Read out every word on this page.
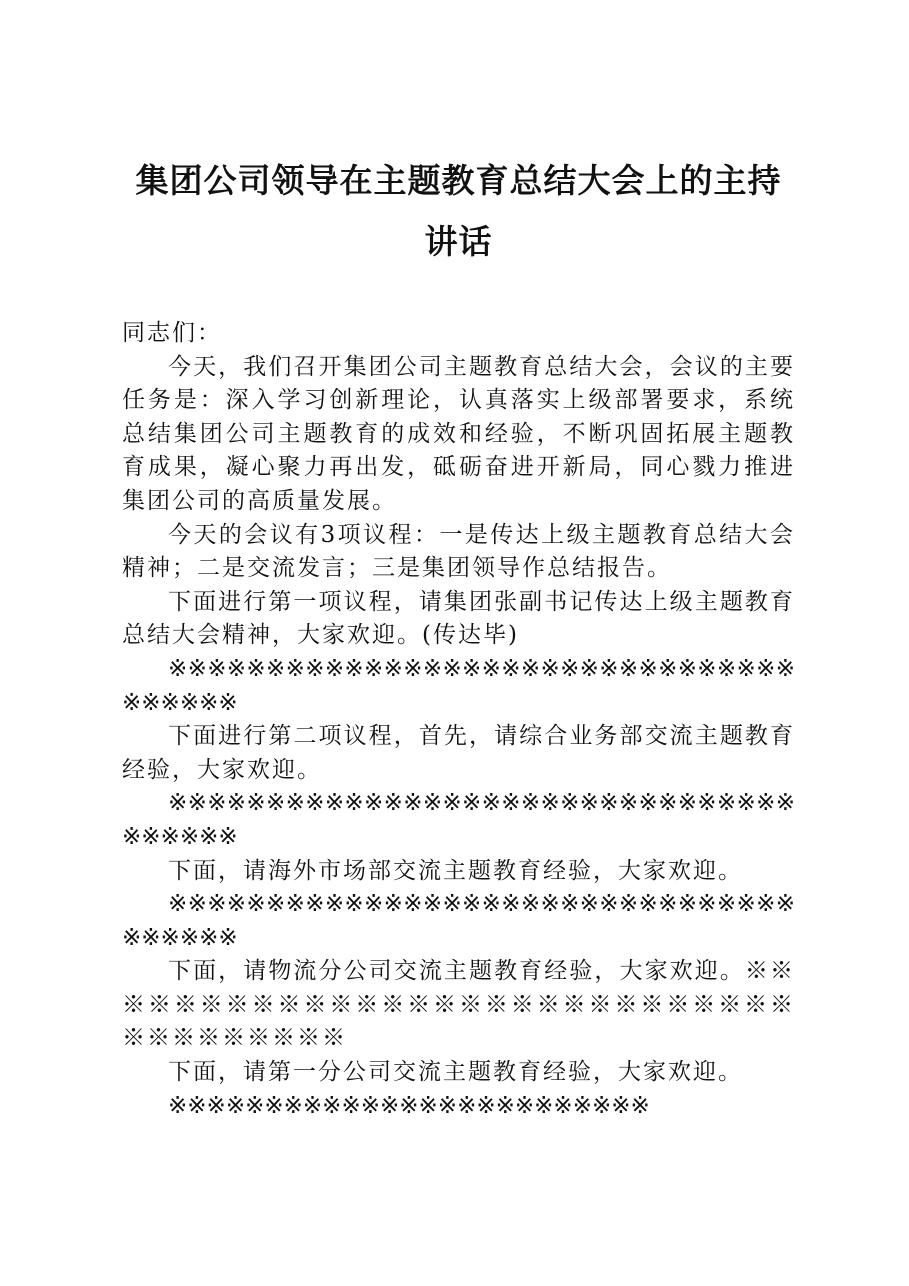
集团公司领导在主题教育总结大会上的主持讲话

同志们：

今天，我们召开集团公司主题教育总结大会，会议的主要任务是：深入学习创新理论，认真落实上级部署要求，系统总结集团公司主题教育的成效和经验，不断巩固拓展主题教育成果，凝心聚力再出发，砥砺奋进开新局，同心戮力推进集团公司的高质量发展。

今天的会议有3项议程：一是传达上级主题教育总结大会精神；二是交流发言；三是集团领导作总结报告。

下面进行第一项议程，请集团张副书记传达上级主题教育总结大会精神，大家欢迎。(传达毕)

※※※※※※※※※※※※※※※※※※※※※※※※※※※※※※※※※※※※※※

下面进行第二项议程，首先，请综合业务部交流主题教育经验，大家欢迎。

※※※※※※※※※※※※※※※※※※※※※※※※※※※※※※※※※※※※※※

下面，请海外市场部交流主题教育经验，大家欢迎。

※※※※※※※※※※※※※※※※※※※※※※※※※※※※※※※※※※※※※※

下面，请物流分公司交流主题教育经验，大家欢迎。※※※※※※※※※※※※※※※※※※※※※※※※※※※※※※※※※※※※※

下面，请第一分公司交流主题教育经验，大家欢迎。

※※※※※※※※※※※※※※※※※※※※※※※※※
